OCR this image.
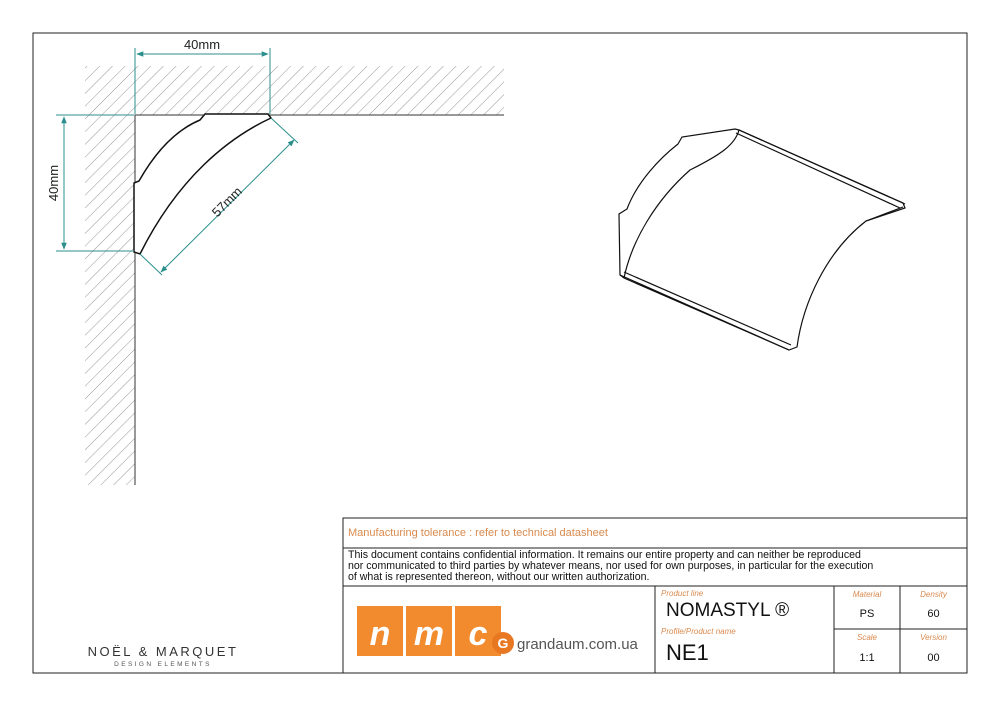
40mm
40mm
57mm
n m c G grandaum.com.ua
Manufacturing tolerance : refer to technical datasheet
This document contains confidential information. It remains our entire property and can neither be reproduced
nor communicated to third parties by whatever means, nor used for own purposes, in particular for the execution
of what is represented thereon, without our written authorization.
Product line
NOMASTYL ®
Profile/Product name
NE1
Material
PS
Density
60
Scale
1:1
Version
00
NOËL & MARQUET
DESIGN ELEMENTS
